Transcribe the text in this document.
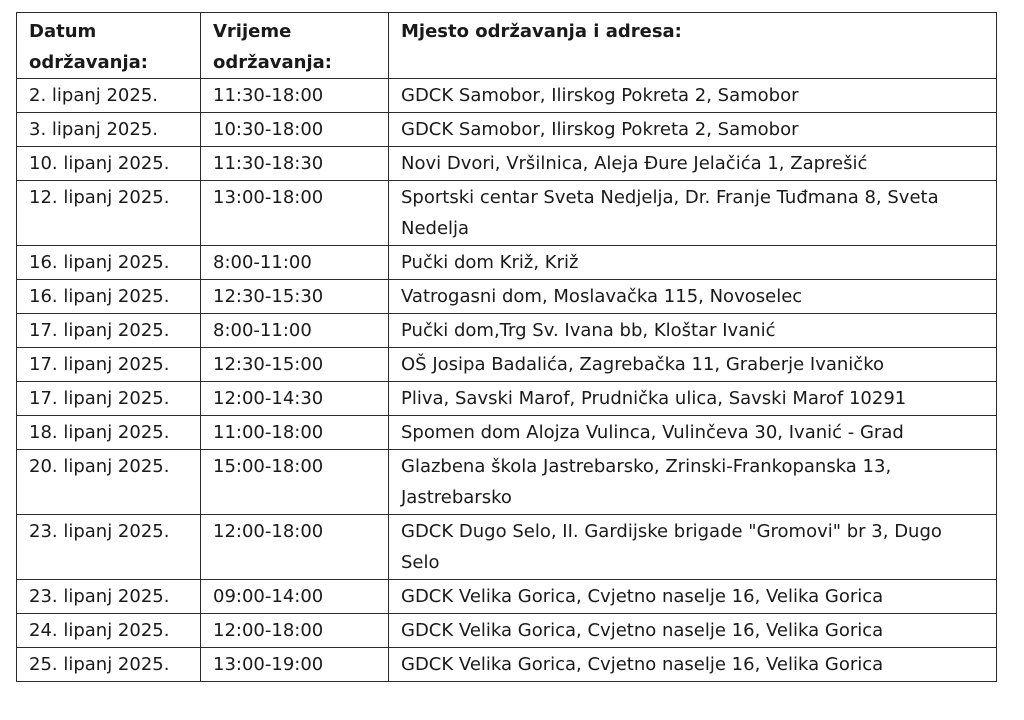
Datum održavanja:	Vrijeme održavanja:	Mjesto održavanja i adresa:
2. lipanj 2025.	11:30-18:00	GDCK Samobor, Ilirskog Pokreta 2, Samobor
3. lipanj 2025.	10:30-18:00	GDCK Samobor, Ilirskog Pokreta 2, Samobor
10. lipanj 2025.	11:30-18:30	Novi Dvori, Vršilnica, Aleja Đure Jelačića 1, Zaprešić
12. lipanj 2025.	13:00-18:00	Sportski centar Sveta Nedjelja, Dr. Franje Tuđmana 8, Sveta Nedelja
16. lipanj 2025.	8:00-11:00	Pučki dom Križ, Križ
16. lipanj 2025.	12:30-15:30	Vatrogasni dom, Moslavačka 115, Novoselec
17. lipanj 2025.	8:00-11:00	Pučki dom,Trg Sv. Ivana bb, Kloštar Ivanić
17. lipanj 2025.	12:30-15:00	OŠ Josipa Badalića, Zagrebačka 11, Graberje Ivaničko
17. lipanj 2025.	12:00-14:30	Pliva, Savski Marof, Prudnička ulica, Savski Marof 10291
18. lipanj 2025.	11:00-18:00	Spomen dom Alojza Vulinca, Vulinčeva 30, Ivanić - Grad
20. lipanj 2025.	15:00-18:00	Glazbena škola Jastrebarsko, Zrinski-Frankopanska 13, Jastrebarsko
23. lipanj 2025.	12:00-18:00	GDCK Dugo Selo, II. Gardijske brigade "Gromovi" br 3, Dugo Selo
23. lipanj 2025.	09:00-14:00	GDCK Velika Gorica, Cvjetno naselje 16, Velika Gorica
24. lipanj 2025.	12:00-18:00	GDCK Velika Gorica, Cvjetno naselje 16, Velika Gorica
25. lipanj 2025.	13:00-19:00	GDCK Velika Gorica, Cvjetno naselje 16, Velika Gorica
